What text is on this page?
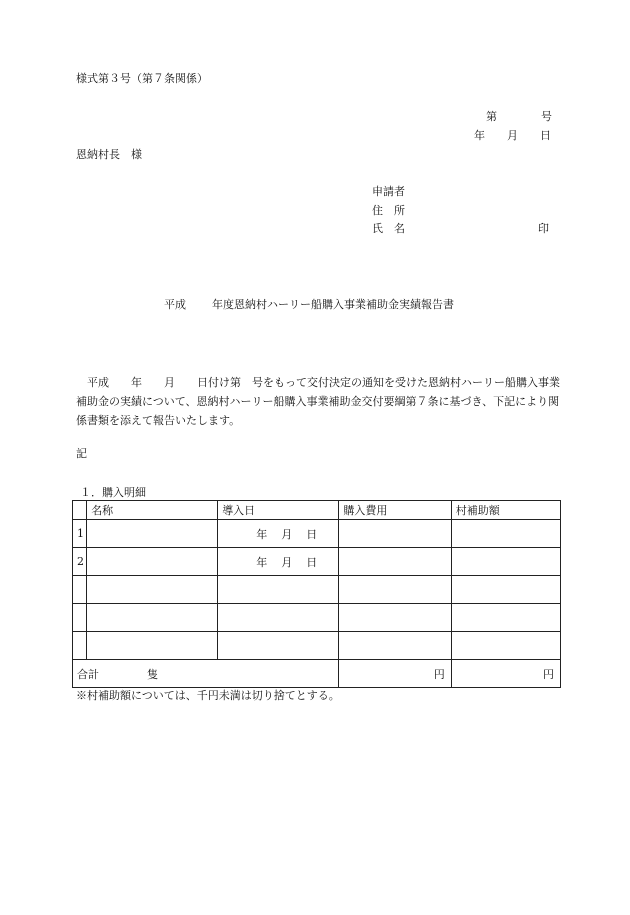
様式第３号（第７条関係）
第	号
年 月 日
恩納村長　様
申請者
住　所
氏　名	印
平成 年度恩納村ハーリー船購入事業補助金実績報告書
平成 年 月 日付け第　号をもって交付決定の通知を受けた恩納村ハーリー船購入事業補助金の実績について、恩納村ハーリー船購入事業補助金交付要綱第７条に基づき、下記により関係書類を添えて報告いたします。
記
１．購入明細
	名称	導入日	購入費用	村補助額
1		年 月 日		
2		年 月 日		

合計 隻			円	円
※村補助額については、千円未満は切り捨てとする。
